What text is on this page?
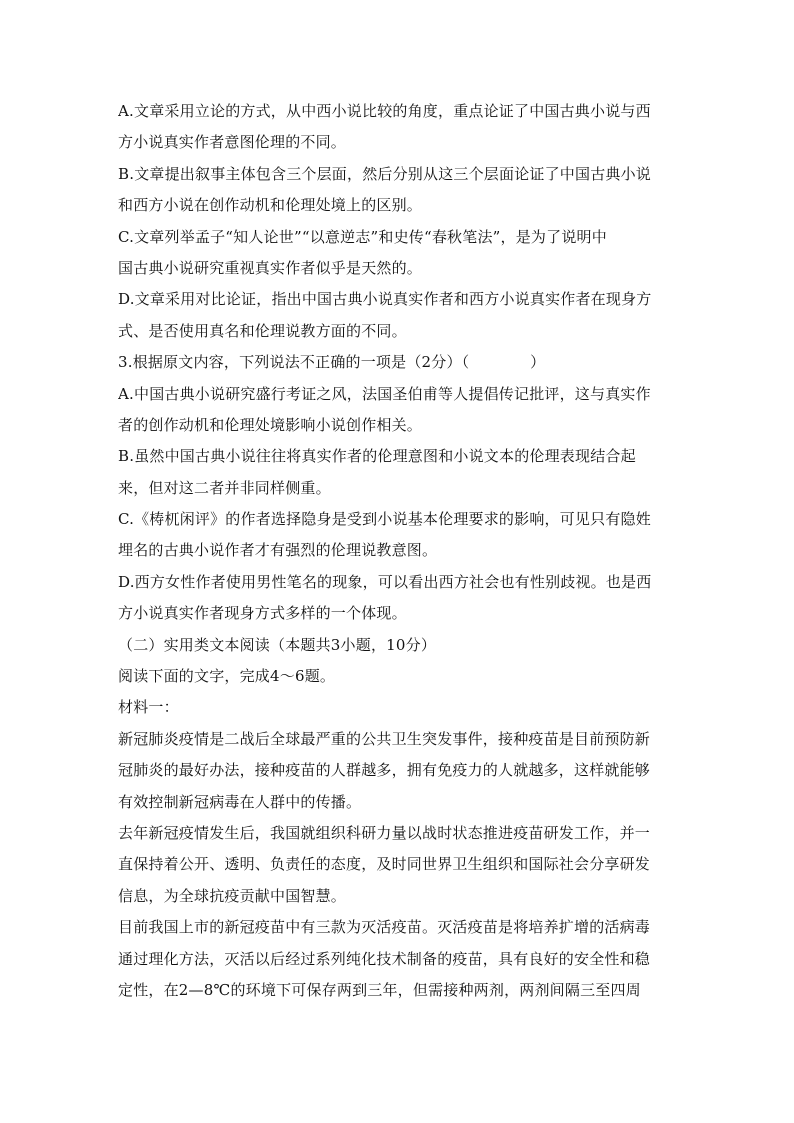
A.文章采用立论的方式，从中西小说比较的角度，重点论证了中国古典小说与西
方小说真实作者意图伦理的不同。
B.文章提出叙事主体包含三个层面，然后分别从这三个层面论证了中国古典小说
和西方小说在创作动机和伦理处境上的区别。
C.文章列举孟子“知人论世”“以意逆志”和史传“春秋笔法”，是为了说明中
国古典小说研究重视真实作者似乎是天然的。
D.文章采用对比论证，指出中国古典小说真实作者和西方小说真实作者在现身方
式、是否使用真名和伦理说教方面的不同。
3.根据原文内容，下列说法不正确的一项是（2分）（　　　　）
A.中国古典小说研究盛行考证之风，法国圣伯甫等人提倡传记批评，这与真实作
者的创作动机和伦理处境影响小说创作相关。
B.虽然中国古典小说往往将真实作者的伦理意图和小说文本的伦理表现结合起
来，但对这二者并非同样侧重。
C.《梼杌闲评》的作者选择隐身是受到小说基本伦理要求的影响，可见只有隐姓
埋名的古典小说作者才有强烈的伦理说教意图。
D.西方女性作者使用男性笔名的现象，可以看出西方社会也有性别歧视。也是西
方小说真实作者现身方式多样的一个体现。
（二）实用类文本阅读（本题共3小题，10分）
阅读下面的文字，完成4～6题。
材料一：
新冠肺炎疫情是二战后全球最严重的公共卫生突发事件，接种疫苗是目前预防新
冠肺炎的最好办法，接种疫苗的人群越多，拥有免疫力的人就越多，这样就能够
有效控制新冠病毒在人群中的传播。
去年新冠疫情发生后，我国就组织科研力量以战时状态推进疫苗研发工作，并一
直保持着公开、透明、负责任的态度，及时同世界卫生组织和国际社会分享研发
信息，为全球抗疫贡献中国智慧。
目前我国上市的新冠疫苗中有三款为灭活疫苗。灭活疫苗是将培养扩增的活病毒
通过理化方法，灭活以后经过系列纯化技术制备的疫苗，具有良好的安全性和稳
定性，在2—8℃的环境下可保存两到三年，但需接种两剂，两剂间隔三至四周
